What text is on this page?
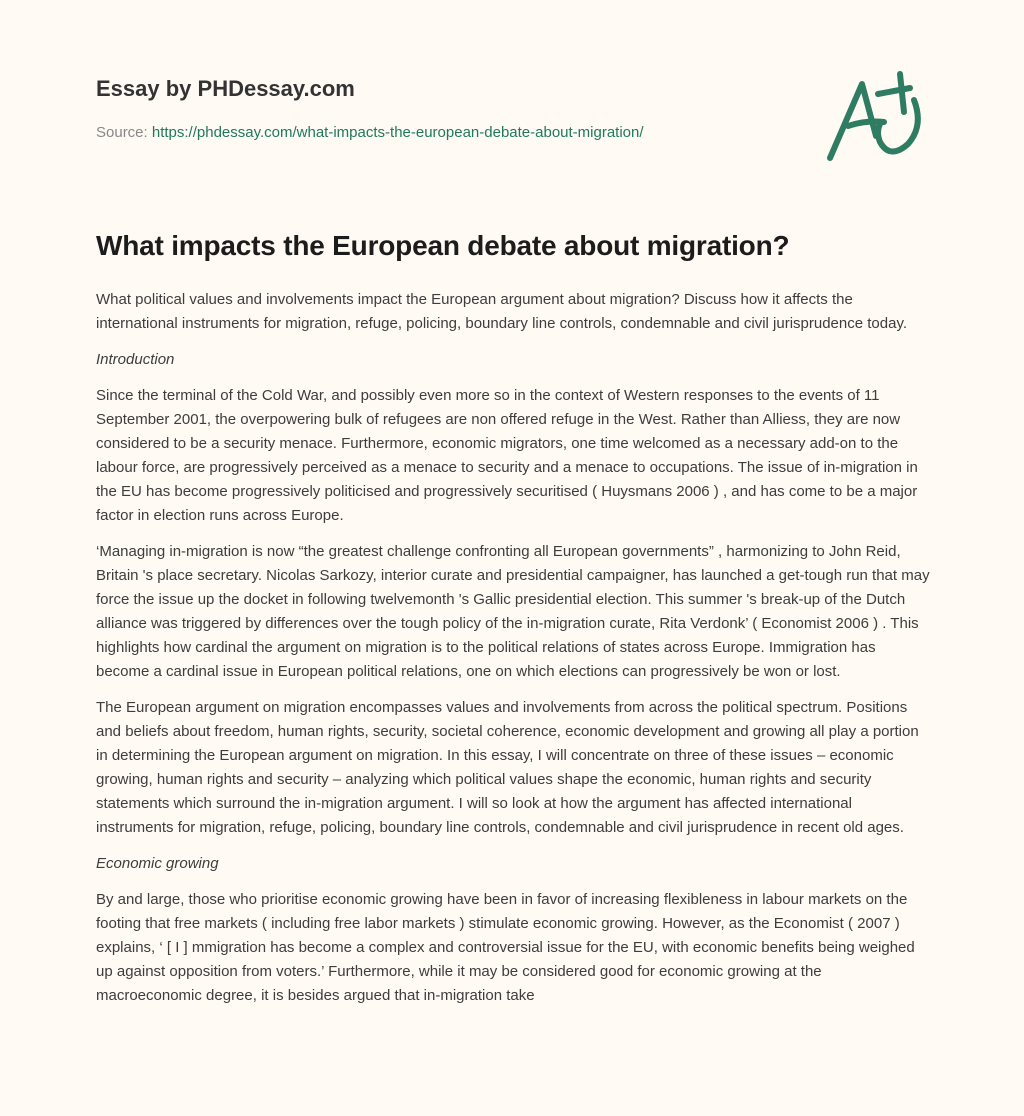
Essay by PHDessay.com
Source: https://phdessay.com/what-impacts-the-european-debate-about-migration/
What impacts the European debate about migration?

What political values and involvements impact the European argument about migration? Discuss how it affects the international instruments for migration, refuge, policing, boundary line controls, condemnable and civil jurisprudence today.

Introduction

Since the terminal of the Cold War, and possibly even more so in the context of Western responses to the events of 11 September 2001, the overpowering bulk of refugees are non offered refuge in the West. Rather than Alliess, they are now considered to be a security menace. Furthermore, economic migrators, one time welcomed as a necessary add-on to the labour force, are progressively perceived as a menace to security and a menace to occupations. The issue of in-migration in the EU has become progressively politicised and progressively securitised ( Huysmans 2006 ) , and has come to be a major factor in election runs across Europe.

‘Managing in-migration is now “the greatest challenge confronting all European governments” , harmonizing to John Reid, Britain 's place secretary. Nicolas Sarkozy, interior curate and presidential campaigner, has launched a get-tough run that may force the issue up the docket in following twelvemonth 's Gallic presidential election. This summer 's break-up of the Dutch alliance was triggered by differences over the tough policy of the in-migration curate, Rita Verdonk’ ( Economist 2006 ) . This highlights how cardinal the argument on migration is to the political relations of states across Europe. Immigration has become a cardinal issue in European political relations, one on which elections can progressively be won or lost.

The European argument on migration encompasses values and involvements from across the political spectrum. Positions and beliefs about freedom, human rights, security, societal coherence, economic development and growing all play a portion in determining the European argument on migration. In this essay, I will concentrate on three of these issues – economic growing, human rights and security – analyzing which political values shape the economic, human rights and security statements which surround the in-migration argument. I will so look at how the argument has affected international instruments for migration, refuge, policing, boundary line controls, condemnable and civil jurisprudence in recent old ages.

Economic growing

By and large, those who prioritise economic growing have been in favor of increasing flexibleness in labour markets on the footing that free markets ( including free labor markets ) stimulate economic growing. However, as the Economist ( 2007 ) explains, ‘ [ I ] mmigration has become a complex and controversial issue for the EU, with economic benefits being weighed up against opposition from voters.’ Furthermore, while it may be considered good for economic growing at the macroeconomic degree, it is besides argued that in-migration take
